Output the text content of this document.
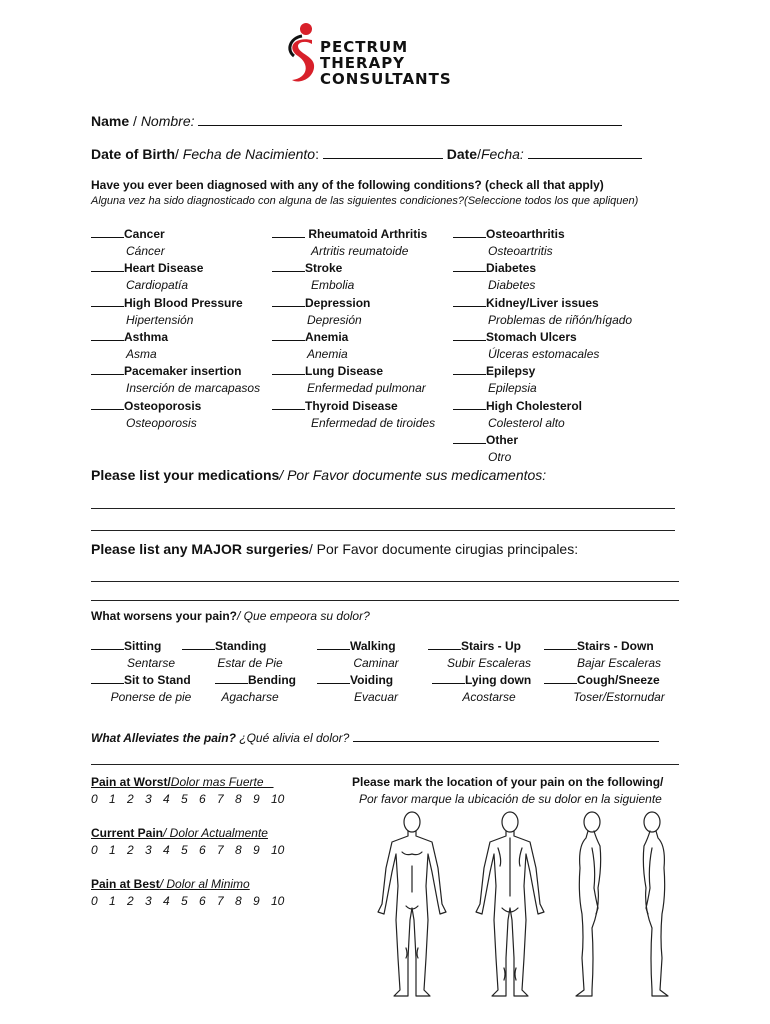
PECTRUM
THERAPY
CONSULTANTS
Name / Nombre:
Date of Birth/ Fecha de Nacimiento:	Date/Fecha:
Have you ever been diagnosed with any of the following conditions? (check all that apply)
Alguna vez ha sido diagnosticado con alguna de las siguientes condiciones?(Seleccione todos los que apliquen)
Cancer
Cáncer
Heart Disease
Cardiopatía
High Blood Pressure
Hipertensión
Asthma
Asma
Pacemaker insertion
Inserción de marcapasos
Osteoporosis
Osteoporosis
Rheumatoid Arthritis
Artritis reumatoide
Stroke
Embolia
Depression
Depresión
Anemia
Anemia
Lung Disease
Enfermedad pulmonar
Thyroid Disease
Enfermedad de tiroides
Osteoarthritis
Osteoartritis
Diabetes
Diabetes
Kidney/Liver issues
Problemas de riñón/hígado
Stomach Ulcers
Úlceras estomacales
Epilepsy
Epilepsia
High Cholesterol
Colesterol alto
Other
Otro
Please list your medications/ Por Favor documente sus medicamentos:
Please list any MAJOR surgeries/ Por Favor documente cirugias principales:
What worsens your pain?/ Que empeora su dolor?
Sitting
Sentarse
Standing
Estar de Pie
Walking
Caminar
Stairs - Up
Subir Escaleras
Stairs - Down
Bajar Escaleras
Sit to Stand
Ponerse de pie
Bending
Agacharse
Voiding
Evacuar
Lying down
Acostarse
Cough/Sneeze
Toser/Estornudar
What Alleviates the pain? ¿Qué alivia el dolor?
Pain at Worst/Dolor mas Fuerte
0 1 2 3 4 5 6 7 8 9 10
Current Pain/ Dolor Actualmente
0 1 2 3 4 5 6 7 8 9 10
Pain at Best/ Dolor al Minimo
0 1 2 3 4 5 6 7 8 9 10
Please mark the location of your pain on the following/
Por favor marque la ubicación de su dolor en la siguiente
